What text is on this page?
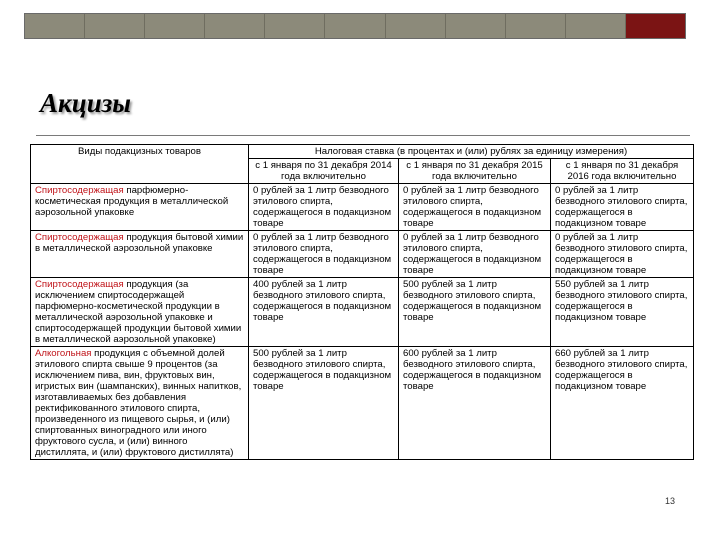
Акцизы
Виды подакцизных товаров	Налоговая ставка (в процентах и (или) рублях за единицу измерения)		
	с 1 января по 31 декабря 2014 года включительно	с 1 января по 31 декабря 2015 года включительно	с 1 января по 31 декабря 2016 года включительно
Спиртосодержащая парфюмерно-косметическая продукция в металлической аэрозольной упаковке	0 рублей за 1 литр безводного этилового спирта, содержащегося в подакцизном товаре	0 рублей за 1 литр безводного этилового спирта, содержащегося в подакцизном товаре	0 рублей за 1 литр безводного этилового спирта, содержащегося в подакцизном товаре
Спиртосодержащая продукция бытовой химии в металлической аэрозольной упаковке	0 рублей за 1 литр безводного этилового спирта, содержащегося в подакцизном товаре	0 рублей за 1 литр безводного этилового спирта, содержащегося в подакцизном товаре	0 рублей за 1 литр безводного этилового спирта, содержащегося в подакцизном товаре
Спиртосодержащая продукция (за исключением спиртосодержащей парфюмерно-косметической продукции в металлической аэрозольной упаковке и спиртосодержащей продукции бытовой химии в металлической аэрозольной упаковке)	400 рублей за 1 литр безводного этилового спирта, содержащегося в подакцизном товаре	500 рублей за 1 литр безводного этилового спирта, содержащегося в подакцизном товаре	550 рублей за 1 литр безводного этилового спирта, содержащегося в подакцизном товаре
Алкогольная продукция с объемной долей этилового спирта свыше 9 процентов (за исключением пива, вин, фруктовых вин, игристых вин (шампанских), винных напитков, изготавливаемых без добавления ректификованного этилового спирта, произведенного из пищевого сырья, и (или) спиртованных виноградного или иного фруктового сусла, и (или) винного дистиллята, и (или) фруктового дистиллята)	500 рублей за 1 литр безводного этилового спирта, содержащегося в подакцизном товаре	600 рублей за 1 литр безводного этилового спирта, содержащегося в подакцизном товаре	660 рублей за 1 литр безводного этилового спирта, содержащегося в подакцизном товаре
13
